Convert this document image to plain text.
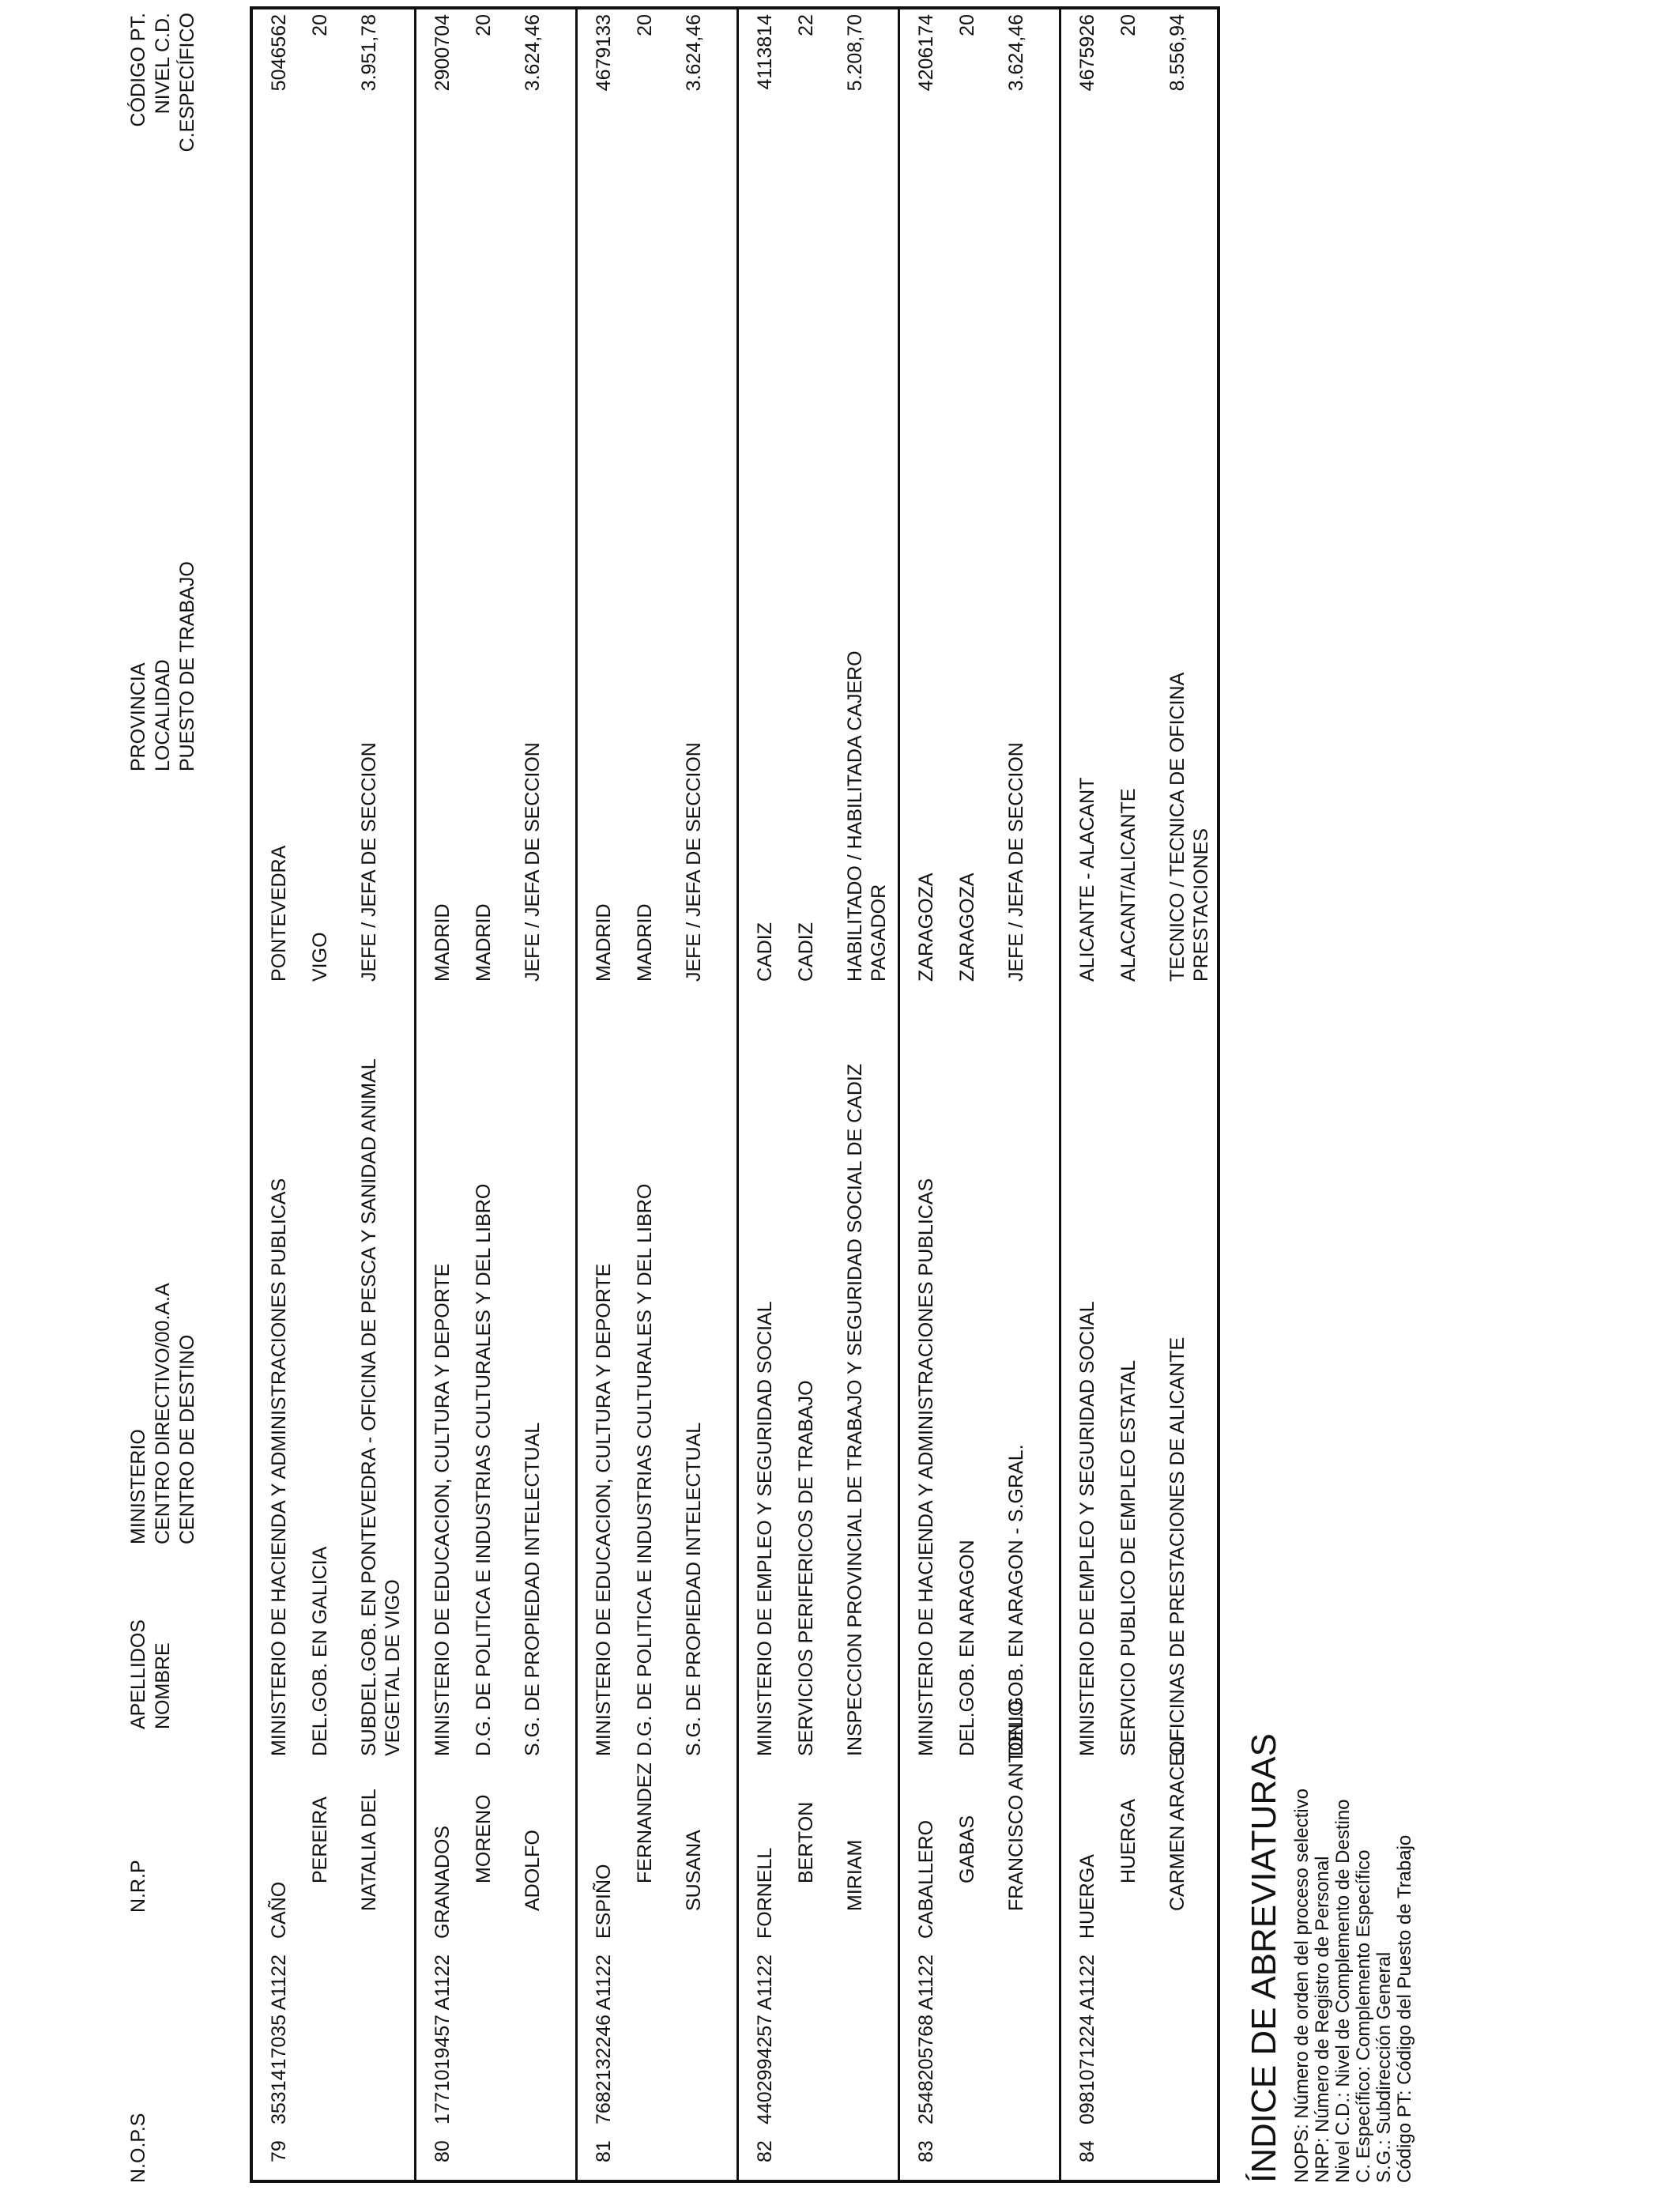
N.O.P.S
N.R.P
APELLIDOS NOMBRE
MINISTERIO CENTRO DIRECTIVO/00.A.A CENTRO DE DESTINO
PROVINCIA LOCALIDAD PUESTO DE TRABAJO
CÓDIGO PT. NIVEL C.D. C.ESPECÍFICO
79
3531417035 A1122
CAÑO
MINISTERIO DE HACIENDA Y ADMINISTRACIONES PUBLICAS
PONTEVEDRA
5046562
PEREIRA
DEL.GOB. EN GALICIA
VIGO
20
NATALIA DEL
SUBDEL.GOB. EN PONTEVEDRA - OFICINA DE PESCA Y SANIDAD ANIMAL VEGETAL DE VIGO
JEFE / JEFA DE SECCION
3.951,78
80
1771019457 A1122
GRANADOS
MINISTERIO DE EDUCACION, CULTURA Y DEPORTE
MADRID
2900704
MORENO
D.G. DE POLITICA E INDUSTRIAS CULTURALES Y DEL LIBRO
MADRID
20
ADOLFO
S.G. DE PROPIEDAD INTELECTUAL
JEFE / JEFA DE SECCION
3.624,46
81
7682132246 A1122
ESPIÑO
MINISTERIO DE EDUCACION, CULTURA Y DEPORTE
MADRID
4679133
FERNANDEZ
D.G. DE POLITICA E INDUSTRIAS CULTURALES Y DEL LIBRO
MADRID
20
SUSANA
S.G. DE PROPIEDAD INTELECTUAL
JEFE / JEFA DE SECCION
3.624,46
82
4402994257 A1122
FORNELL
MINISTERIO DE EMPLEO Y SEGURIDAD SOCIAL
CADIZ
4113814
BERTON
SERVICIOS PERIFERICOS DE TRABAJO
CADIZ
22
MIRIAM
INSPECCION PROVINCIAL DE TRABAJO Y SEGURIDAD SOCIAL DE CADIZ
HABILITADO / HABILITADA CAJERO PAGADOR
5.208,70
83
2548205768 A1122
CABALLERO
MINISTERIO DE HACIENDA Y ADMINISTRACIONES PUBLICAS
ZARAGOZA
4206174
GABAS
DEL.GOB. EN ARAGON
ZARAGOZA
20
FRANCISCO ANTONIO
DEL.GOB. EN ARAGON - S.GRAL.
JEFE / JEFA DE SECCION
3.624,46
84
0981071224 A1122
HUERGA
MINISTERIO DE EMPLEO Y SEGURIDAD SOCIAL
ALICANTE - ALACANT
4675926
HUERGA
SERVICIO PUBLICO DE EMPLEO ESTATAL
ALACANT/ALICANTE
20
CARMEN ARACELI
OFICINAS DE PRESTACIONES DE ALICANTE
TECNICO / TECNICA DE OFICINA PRESTACIONES
8.556,94
ÍNDICE DE ABREVIATURAS NOPS: Número de orden del proceso selectivo NRP: Número de Registro de Personal Nivel C.D.: Nivel de Complemento de Destino C. Específico: Complemento Específico S.G.: Subdirección General Código PT: Código del Puesto de Trabajo
